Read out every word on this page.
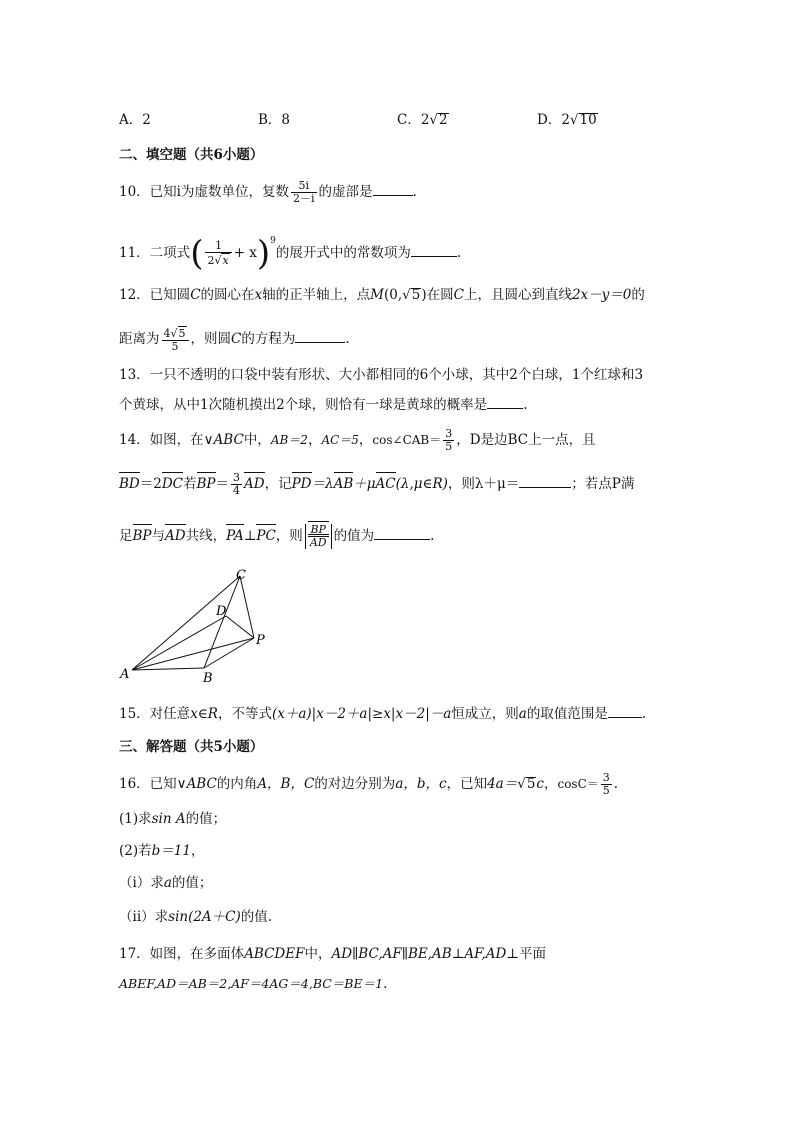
A．2	B．8	C．2√2	D．2√10
二、填空题（共6小题）
10．已知i为虚数单位，复数 $\frac{5i}{2-i}$ 的虚部是	.
11．二项式( $\frac{1}{2√x} + x)^9$的展开式中的常数项为	.
12．已知圆C的圆心在x轴的正半轴上，点M(0,√5)在圆C上，且圆心到直线2x－y＝0的
距离为 $\frac{4√5}{5}$ ，则圆C的方程为	.
13．一只不透明的口袋中装有形状、大小都相同的6个小球，其中2个白球，1个红球和3
个黄球，从中1次随机摸出2个球，则恰有一球是黄球的概率是	.
14．如图，在∨ABC中，AB＝2，AC＝5，cos∠CAB＝ $\frac{3}{5}$ ，D是边BC上一点，且
BD＝2DC若$BP= \frac{3}{4}$ AD，记PD＝λAB＋μAC(λ,μ∈R)，则λ＋μ＝	；若点P满
足BP与AD共线，PA⊥PC，则 $\frac{BP}{AD}$ 的值为	.
C
D
P
A	B
15．对任意x∈R，不等式(x＋a)|x－2＋a|≥x|x－2|－a恒成立，则a的取值范围是	.
三、解答题（共5小题）
16．已知∨ABC的内角A，B，C的对边分别为a，b，c，已知4a＝√5c，$\cos C= \frac{3}{5}$ .
(1)求sin A的值；
(2)若b＝11，
（i）求a的值；
（ii）求sin(2A＋C)的值.
17．如图，在多面体ABCDEF中，AD∥BC,AF∥BE,AB⊥AF,AD⊥平面
ABEF,AD＝AB＝2,AF＝4AG＝4,BC＝BE＝1.
